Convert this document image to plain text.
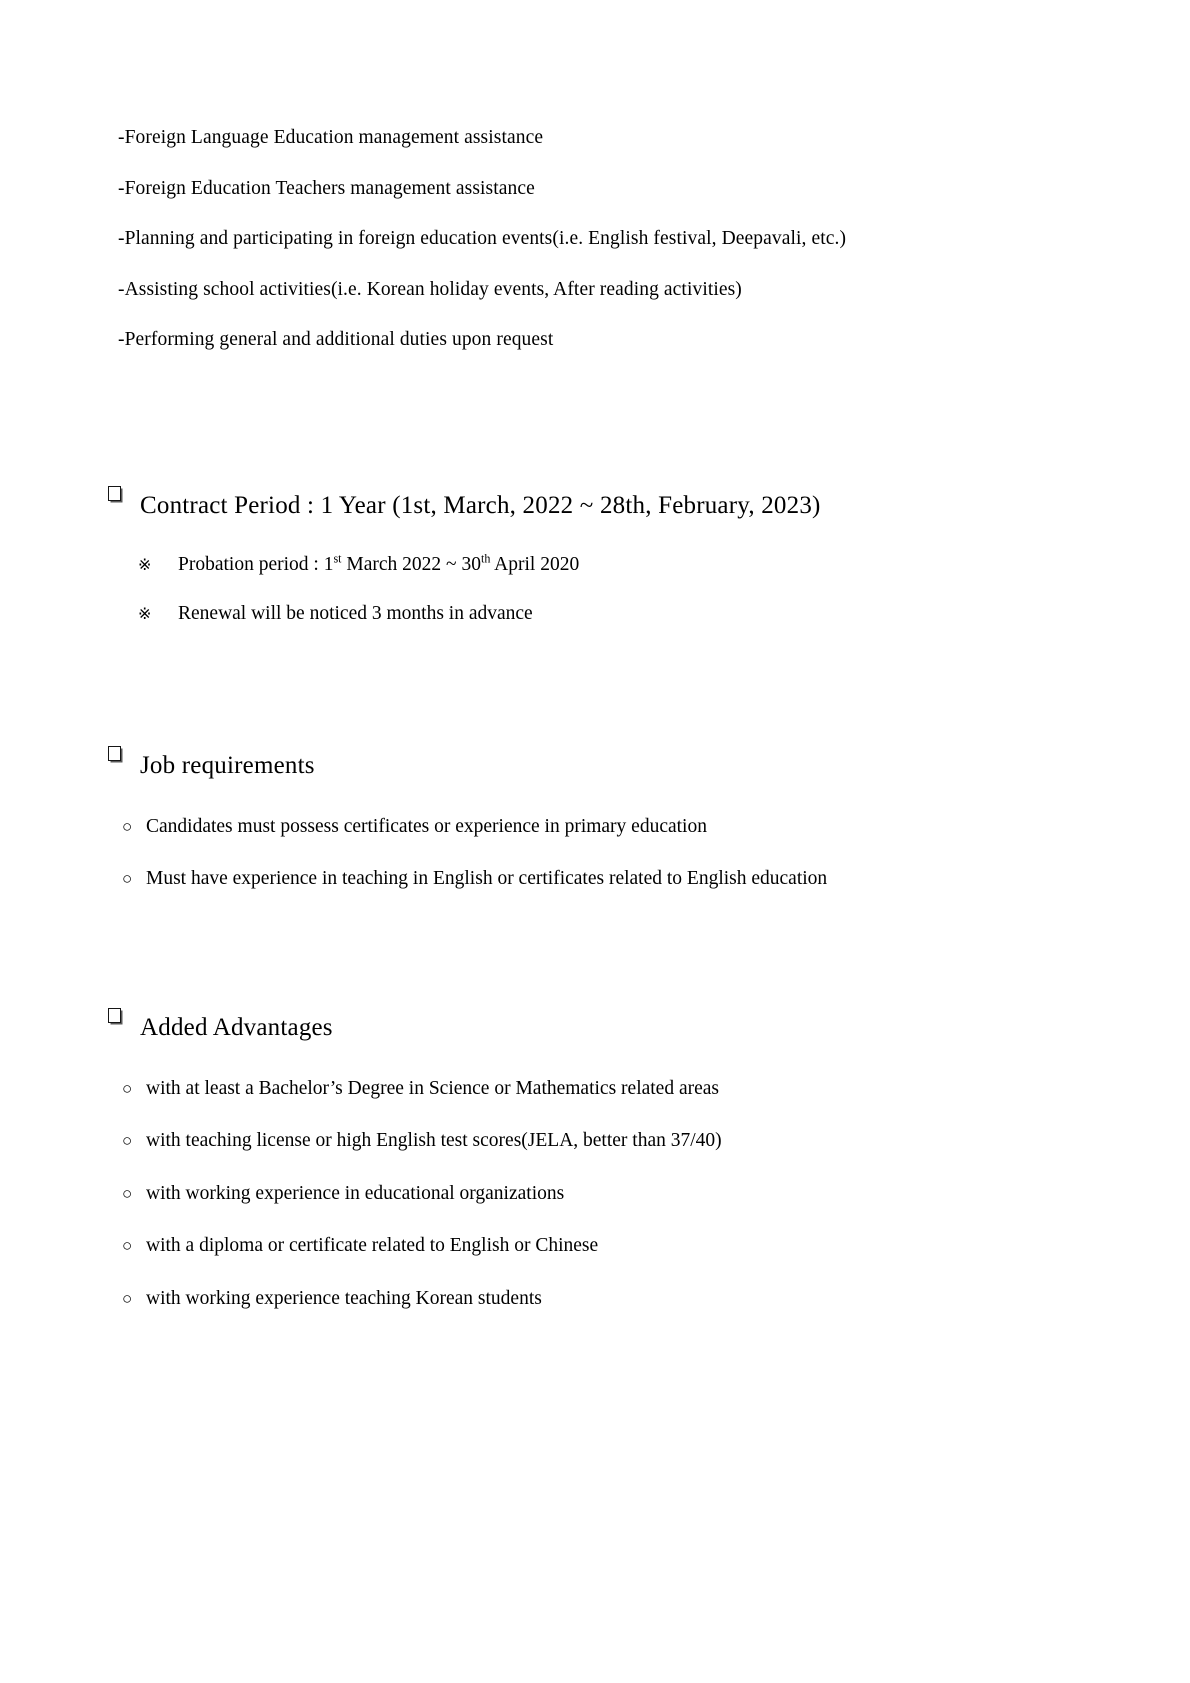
-Foreign Language Education management assistance
-Foreign Education Teachers management assistance
-Planning and participating in foreign education events(i.e. English festival, Deepavali, etc.)
-Assisting school activities(i.e. Korean holiday events, After reading activities)
-Performing general and additional duties upon request
Contract Period : 1 Year (1st, March, 2022 ~ 28th, February, 2023)
※	Probation period : 1st March 2022 ~ 30th April 2020
※	Renewal will be noticed 3 months in advance
Job requirements
○ Candidates must possess certificates or experience in primary education
○ Must have experience in teaching in English or certificates related to English education
Added Advantages
○ with at least a Bachelor’s Degree in Science or Mathematics related areas
○ with teaching license or high English test scores(JELA, better than 37/40)
○ with working experience in educational organizations
○ with a diploma or certificate related to English or Chinese
○ with working experience teaching Korean students
